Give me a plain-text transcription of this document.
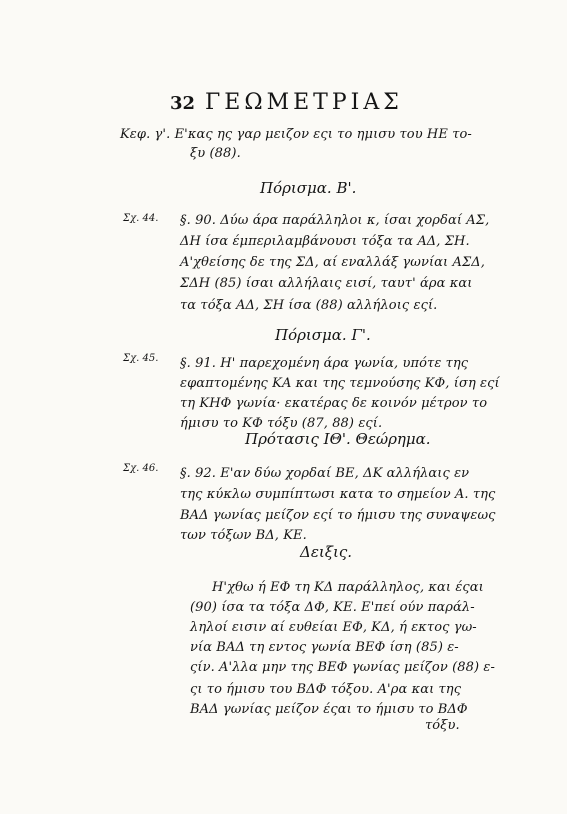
32 ΓΕΩΜΕΤΡΙΑΣ
Κεφ. γ'. Ε'κας ης γαρ μειζον εςι το ημισυ του ΗΕ το-
ξυ (88).
Πόρισμα. Β'.
§. 90. Δύω άρα παράλληλοι κ, ίσαι χορδαί ΑΣ,
ΔΗ ίσα έμπεριλαμβάνουσι τόξα τα ΑΔ, ΣΗ.
Α'χθείσης δε της ΣΔ, αί εναλλάξ γωνίαι ΑΣΔ,
ΣΔΗ (85) ίσαι αλλήλαις εισί, ταυτ' άρα και
τα τόξα ΑΔ, ΣΗ ίσα (88) αλλήλοις εςί.
Πόρισμα. Γ'.
§. 91. Η' παρεχομένη άρα γωνία, υπότε της
εφαπτομένης ΚΑ και της τεμνούσης ΚΦ, ίση εςί
τη ΚΗΦ γωνία· εκατέρας δε κοινόν μέτρον το
ήμισυ το ΚΦ τόξυ (87, 88) εςί.
Πρότασις ΙΘ'. Θεώρημα.
§. 92. Ε'αν δύω χορδαί ΒΕ, ΔΚ αλλήλαις εν
της κύκλω συμπίπτωσι κατα το σημείον Α. της
ΒΑΔ γωνίας μείζον εςί το ήμισυ της συναψεως
των τόξων ΒΔ, ΚΕ.
Δειξις.
Η'χθω ή ΕΦ τη ΚΔ παράλληλος, και έςαι
(90) ίσα τα τόξα ΔΦ, ΚΕ. Ε'πεί ούν παράλ-
ληλοί εισιν αί ευθείαι ΕΦ, ΚΔ, ή εκτος γω-
νία ΒΑΔ τη εντος γωνία ΒΕΦ ίση (85) ε-
ςίν. Α'λλα μην της ΒΕΦ γωνίας μείζον (88) ε-
ςι το ήμισυ του ΒΔΦ τόξου. Α'ρα και της
ΒΑΔ γωνίας μείζον έςαι το ήμισυ το ΒΔΦ
τόξυ.
Σχ. 44.
Σχ. 45.
Σχ. 46.
